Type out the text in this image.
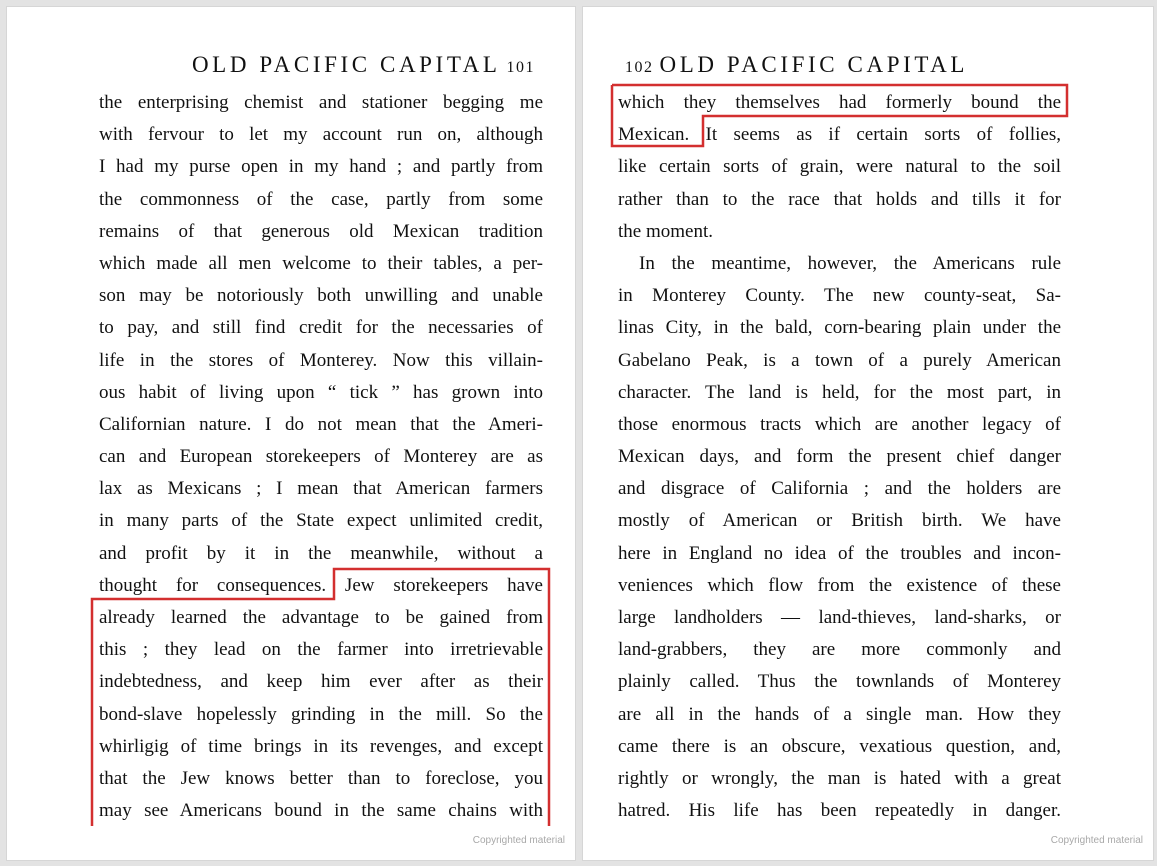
OLD PACIFIC CAPITAL 101
the enterprising chemist and stationer begging me
with fervour to let my account run on, although
I had my purse open in my hand ; and partly from
the commonness of the case, partly from some
remains of that generous old Mexican tradition
which made all men welcome to their tables, a per-
son may be notoriously both unwilling and unable
to pay, and still find credit for the necessaries of
life in the stores of Monterey. Now this villain-
ous habit of living upon “ tick ” has grown into
Californian nature. I do not mean that the Ameri-
can and European storekeepers of Monterey are as
lax as Mexicans ; I mean that American farmers
in many parts of the State expect unlimited credit,
and profit by it in the meanwhile, without a
thought for consequences. Jew storekeepers have
already learned the advantage to be gained from
this ; they lead on the farmer into irretrievable
indebtedness, and keep him ever after as their
bond-slave hopelessly grinding in the mill. So the
whirligig of time brings in its revenges, and except
that the Jew knows better than to foreclose, you
may see Americans bound in the same chains with
Copyrighted material
102 OLD PACIFIC CAPITAL
which they themselves had formerly bound the
Mexican. It seems as if certain sorts of follies,
like certain sorts of grain, were natural to the soil
rather than to the race that holds and tills it for
the moment.
In the meantime, however, the Americans rule
in Monterey County. The new county-seat, Sa-
linas City, in the bald, corn-bearing plain under the
Gabelano Peak, is a town of a purely American
character. The land is held, for the most part, in
those enormous tracts which are another legacy of
Mexican days, and form the present chief danger
and disgrace of California ; and the holders are
mostly of American or British birth. We have
here in England no idea of the troubles and incon-
veniences which flow from the existence of these
large landholders — land-thieves, land-sharks, or
land-grabbers, they are more commonly and
plainly called. Thus the townlands of Monterey
are all in the hands of a single man. How they
came there is an obscure, vexatious question, and,
rightly or wrongly, the man is hated with a great
hatred. His life has been repeatedly in danger.
Copyrighted material
